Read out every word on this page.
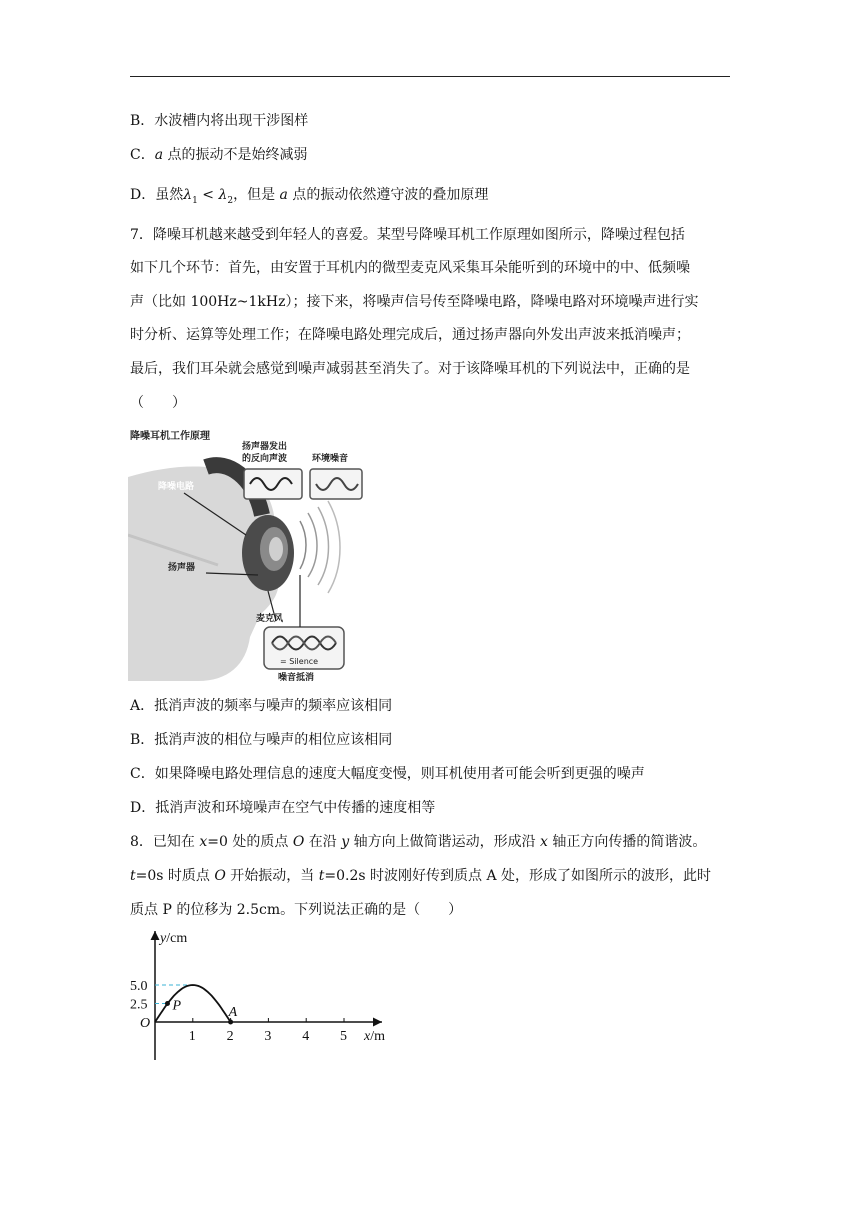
B．水波槽内将出现干涉图样
C．a 点的振动不是始终减弱
D．虽然$\lambda_1 < \lambda_2$，但是 a 点的振动依然遵守波的叠加原理
7．降噪耳机越来越受到年轻人的喜爱。某型号降噪耳机工作原理如图所示，降噪过程包括
如下几个环节：首先，由安置于耳机内的微型麦克风采集耳朵能听到的环境中的中、低频噪
声（比如 100Hz~1kHz）；接下来，将噪声信号传至降噪电路，降噪电路对环境噪声进行实
时分析、运算等处理工作；在降噪电路处理完成后，通过扬声器向外发出声波来抵消噪声；
最后，我们耳朵就会感觉到噪声减弱甚至消失了。对于该降噪耳机的下列说法中，正确的是
（　　）
降噪耳机工作原理
扬声器发出
的反向声波	环境噪音
降噪电路
扬声器
麦克风
= Silence
噪音抵消
A．抵消声波的频率与噪声的频率应该相同
B．抵消声波的相位与噪声的相位应该相同
C．如果降噪电路处理信息的速度大幅度变慢，则耳机使用者可能会听到更强的噪声
D．抵消声波和环境噪声在空气中传播的速度相等
8．已知在 x=0 处的质点 O 在沿 y 轴方向上做简谐运动，形成沿 x 轴正方向传播的简谐波。
t=0s 时质点 O 开始振动，当 t=0.2s 时波刚好传到质点 A 处，形成了如图所示的波形，此时
质点 P 的位移为 2.5cm。下列说法正确的是（　　）
y/cm
x/m
O
1 2 3 4 5
5.0
2.5 P	A
